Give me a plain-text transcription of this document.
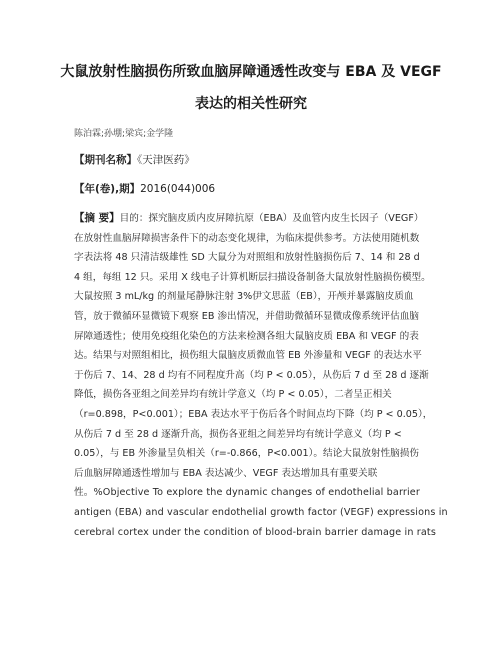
大鼠放射性脑损伤所致血脑屏障通透性改变与 EBA 及 VEGF
表达的相关性研究
陈泊霖;孙堋;梁宾;金学隆
【期刊名称】《天津医药》
【年(卷),期】2016(044)006

【摘 要】目的：探究脑皮质内皮屏障抗原（EBA）及血管内皮生长因子（VEGF）

在放射性血脑屏障损害条件下的动态变化规律，为临床提供参考。方法使用随机数

字表法将 48 只清洁级雄性 SD 大鼠分为对照组和放射性脑损伤后 7、14 和 28 d

4 组，每组 12 只。采用 X 线电子计算机断层扫描设备制备大鼠放射性脑损伤模型。

大鼠按照 3 mL/kg 的剂量尾静脉注射 3%伊文思蓝（EB），开颅并暴露脑皮质血

管，放于微循环显微镜下观察 EB 渗出情况，并借助微循环显微成像系统评估血脑

屏障通透性；使用免疫组化染色的方法来检测各组大鼠脑皮质 EBA 和 VEGF 的表

达。结果与对照组相比，损伤组大鼠脑皮质微血管 EB 外渗量和 VEGF 的表达水平

于伤后 7、14、28 d 均有不同程度升高（均 P < 0.05），从伤后 7 d 至 28 d 逐渐

降低，损伤各亚组之间差异均有统计学意义（均 P < 0.05），二者呈正相关

（r=0.898，P<0.001）；EBA 表达水平于伤后各个时间点均下降（均 P < 0.05），

从伤后 7 d 至 28 d 逐渐升高，损伤各亚组之间差异均有统计学意义（均 P <

0.05），与 EB 外渗量呈负相关（r=-0.866，P<0.001）。结论大鼠放射性脑损伤

后血脑屏障通透性增加与 EBA 表达减少、VEGF 表达增加具有重要关联

性。%Objective To explore the dynamic changes of endothelial barrier

antigen (EBA) and vascular endothelial growth factor (VEGF) expressions in

cerebral cortex under the condition of blood-brain barrier damage in rats
